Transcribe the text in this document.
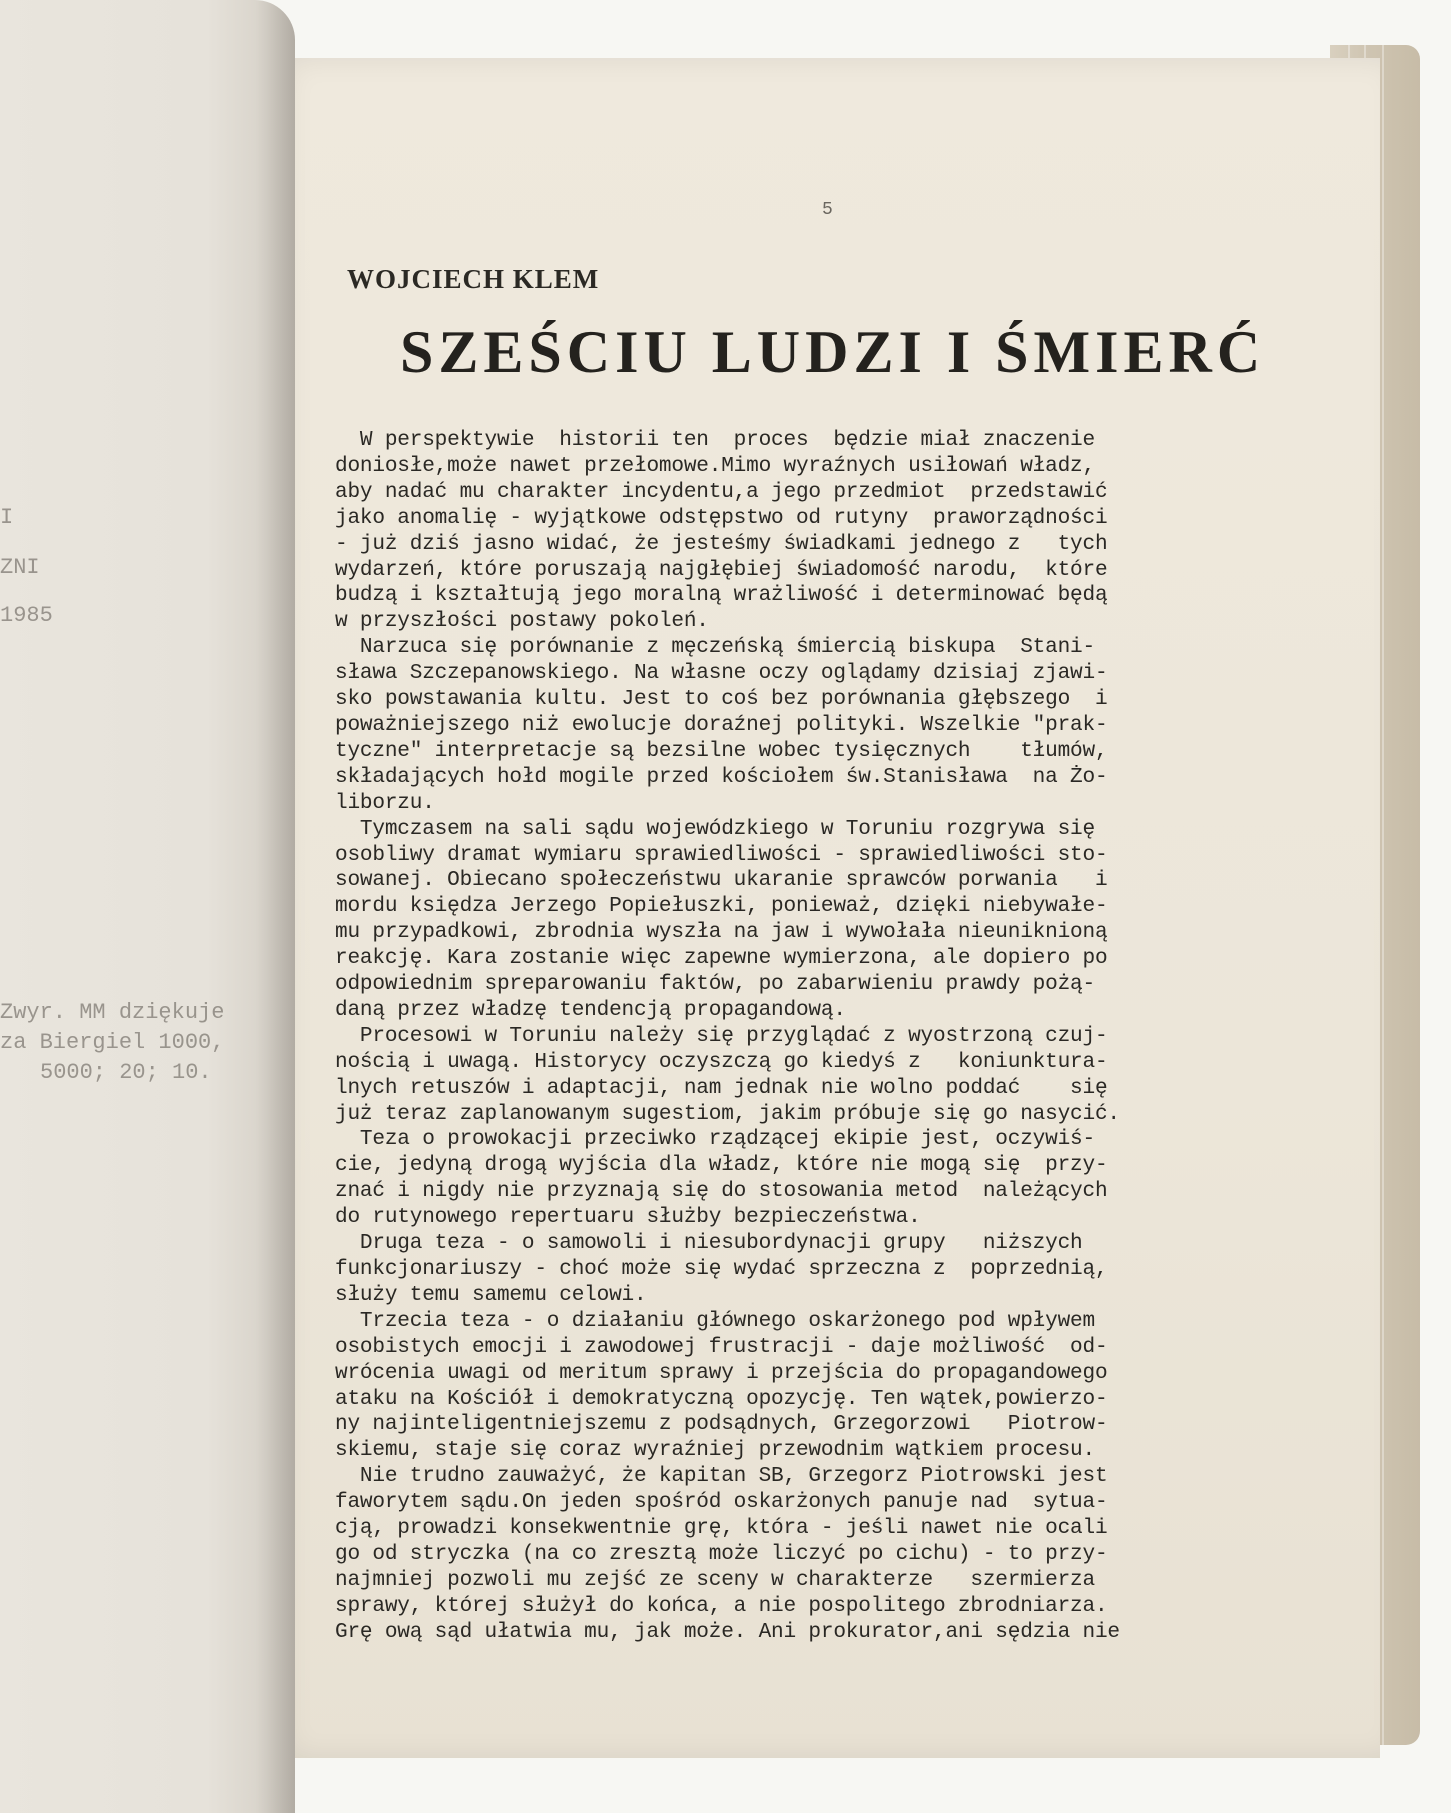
I
ZNI
1985
Zwyr. MM dziękuje
za Biergiel 1000,
5000; 20; 10.
5
WOJCIECH KLEM
SZEŚCIU LUDZI I ŚMIERĆ
W perspektywie  historii ten  proces  będzie miał znaczenie
doniosłe,może nawet przełomowe.Mimo wyraźnych usiłowań władz,
aby nadać mu charakter incydentu,a jego przedmiot  przedstawić
jako anomalię - wyjątkowe odstępstwo od rutyny  praworządności
- już dziś jasno widać, że jesteśmy świadkami jednego z   tych
wydarzeń, które poruszają najgłębiej świadomość narodu,  które
budzą i kształtują jego moralną wrażliwość i determinować będą
w przyszłości postawy pokoleń.
Narzuca się porównanie z męczeńską śmiercią biskupa  Stani-
sława Szczepanowskiego. Na własne oczy oglądamy dzisiaj zjawi-
sko powstawania kultu. Jest to coś bez porównania głębszego  i
poważniejszego niż ewolucje doraźnej polityki. Wszelkie "prak-
tyczne" interpretacje są bezsilne wobec tysięcznych    tłumów,
składających hołd mogile przed kościołem św.Stanisława  na Żo-
liborzu.
Tymczasem na sali sądu wojewódzkiego w Toruniu rozgrywa się
osobliwy dramat wymiaru sprawiedliwości - sprawiedliwości sto-
sowanej. Obiecano społeczeństwu ukaranie sprawców porwania   i
mordu księdza Jerzego Popiełuszki, ponieważ, dzięki niebywałe-
mu przypadkowi, zbrodnia wyszła na jaw i wywołała nieuniknioną
reakcję. Kara zostanie więc zapewne wymierzona, ale dopiero po
odpowiednim spreparowaniu faktów, po zabarwieniu prawdy pożą-
daną przez władzę tendencją propagandową.
Procesowi w Toruniu należy się przyglądać z wyostrzoną czuj-
nością i uwagą. Historycy oczyszczą go kiedyś z   koniunktura-
lnych retuszów i adaptacji, nam jednak nie wolno poddać    się
już teraz zaplanowanym sugestiom, jakim próbuje się go nasycić.
Teza o prowokacji przeciwko rządzącej ekipie jest, oczywiś-
cie, jedyną drogą wyjścia dla władz, które nie mogą się  przy-
znać i nigdy nie przyznają się do stosowania metod  należących
do rutynowego repertuaru służby bezpieczeństwa.
Druga teza - o samowoli i niesubordynacji grupy   niższych
funkcjonariuszy - choć może się wydać sprzeczna z  poprzednią,
służy temu samemu celowi.
Trzecia teza - o działaniu głównego oskarżonego pod wpływem
osobistych emocji i zawodowej frustracji - daje możliwość  od-
wrócenia uwagi od meritum sprawy i przejścia do propagandowego
ataku na Kościół i demokratyczną opozycję. Ten wątek,powierzo-
ny najinteligentniejszemu z podsądnych, Grzegorzowi   Piotrow-
skiemu, staje się coraz wyraźniej przewodnim wątkiem procesu.
Nie trudno zauważyć, że kapitan SB, Grzegorz Piotrowski jest
faworytem sądu.On jeden spośród oskarżonych panuje nad  sytua-
cją, prowadzi konsekwentnie grę, która - jeśli nawet nie ocali
go od stryczka (na co zresztą może liczyć po cichu) - to przy-
najmniej pozwoli mu zejść ze sceny w charakterze   szermierza
sprawy, której służył do końca, a nie pospolitego zbrodniarza.
Grę ową sąd ułatwia mu, jak może. Ani prokurator,ani sędzia nie
